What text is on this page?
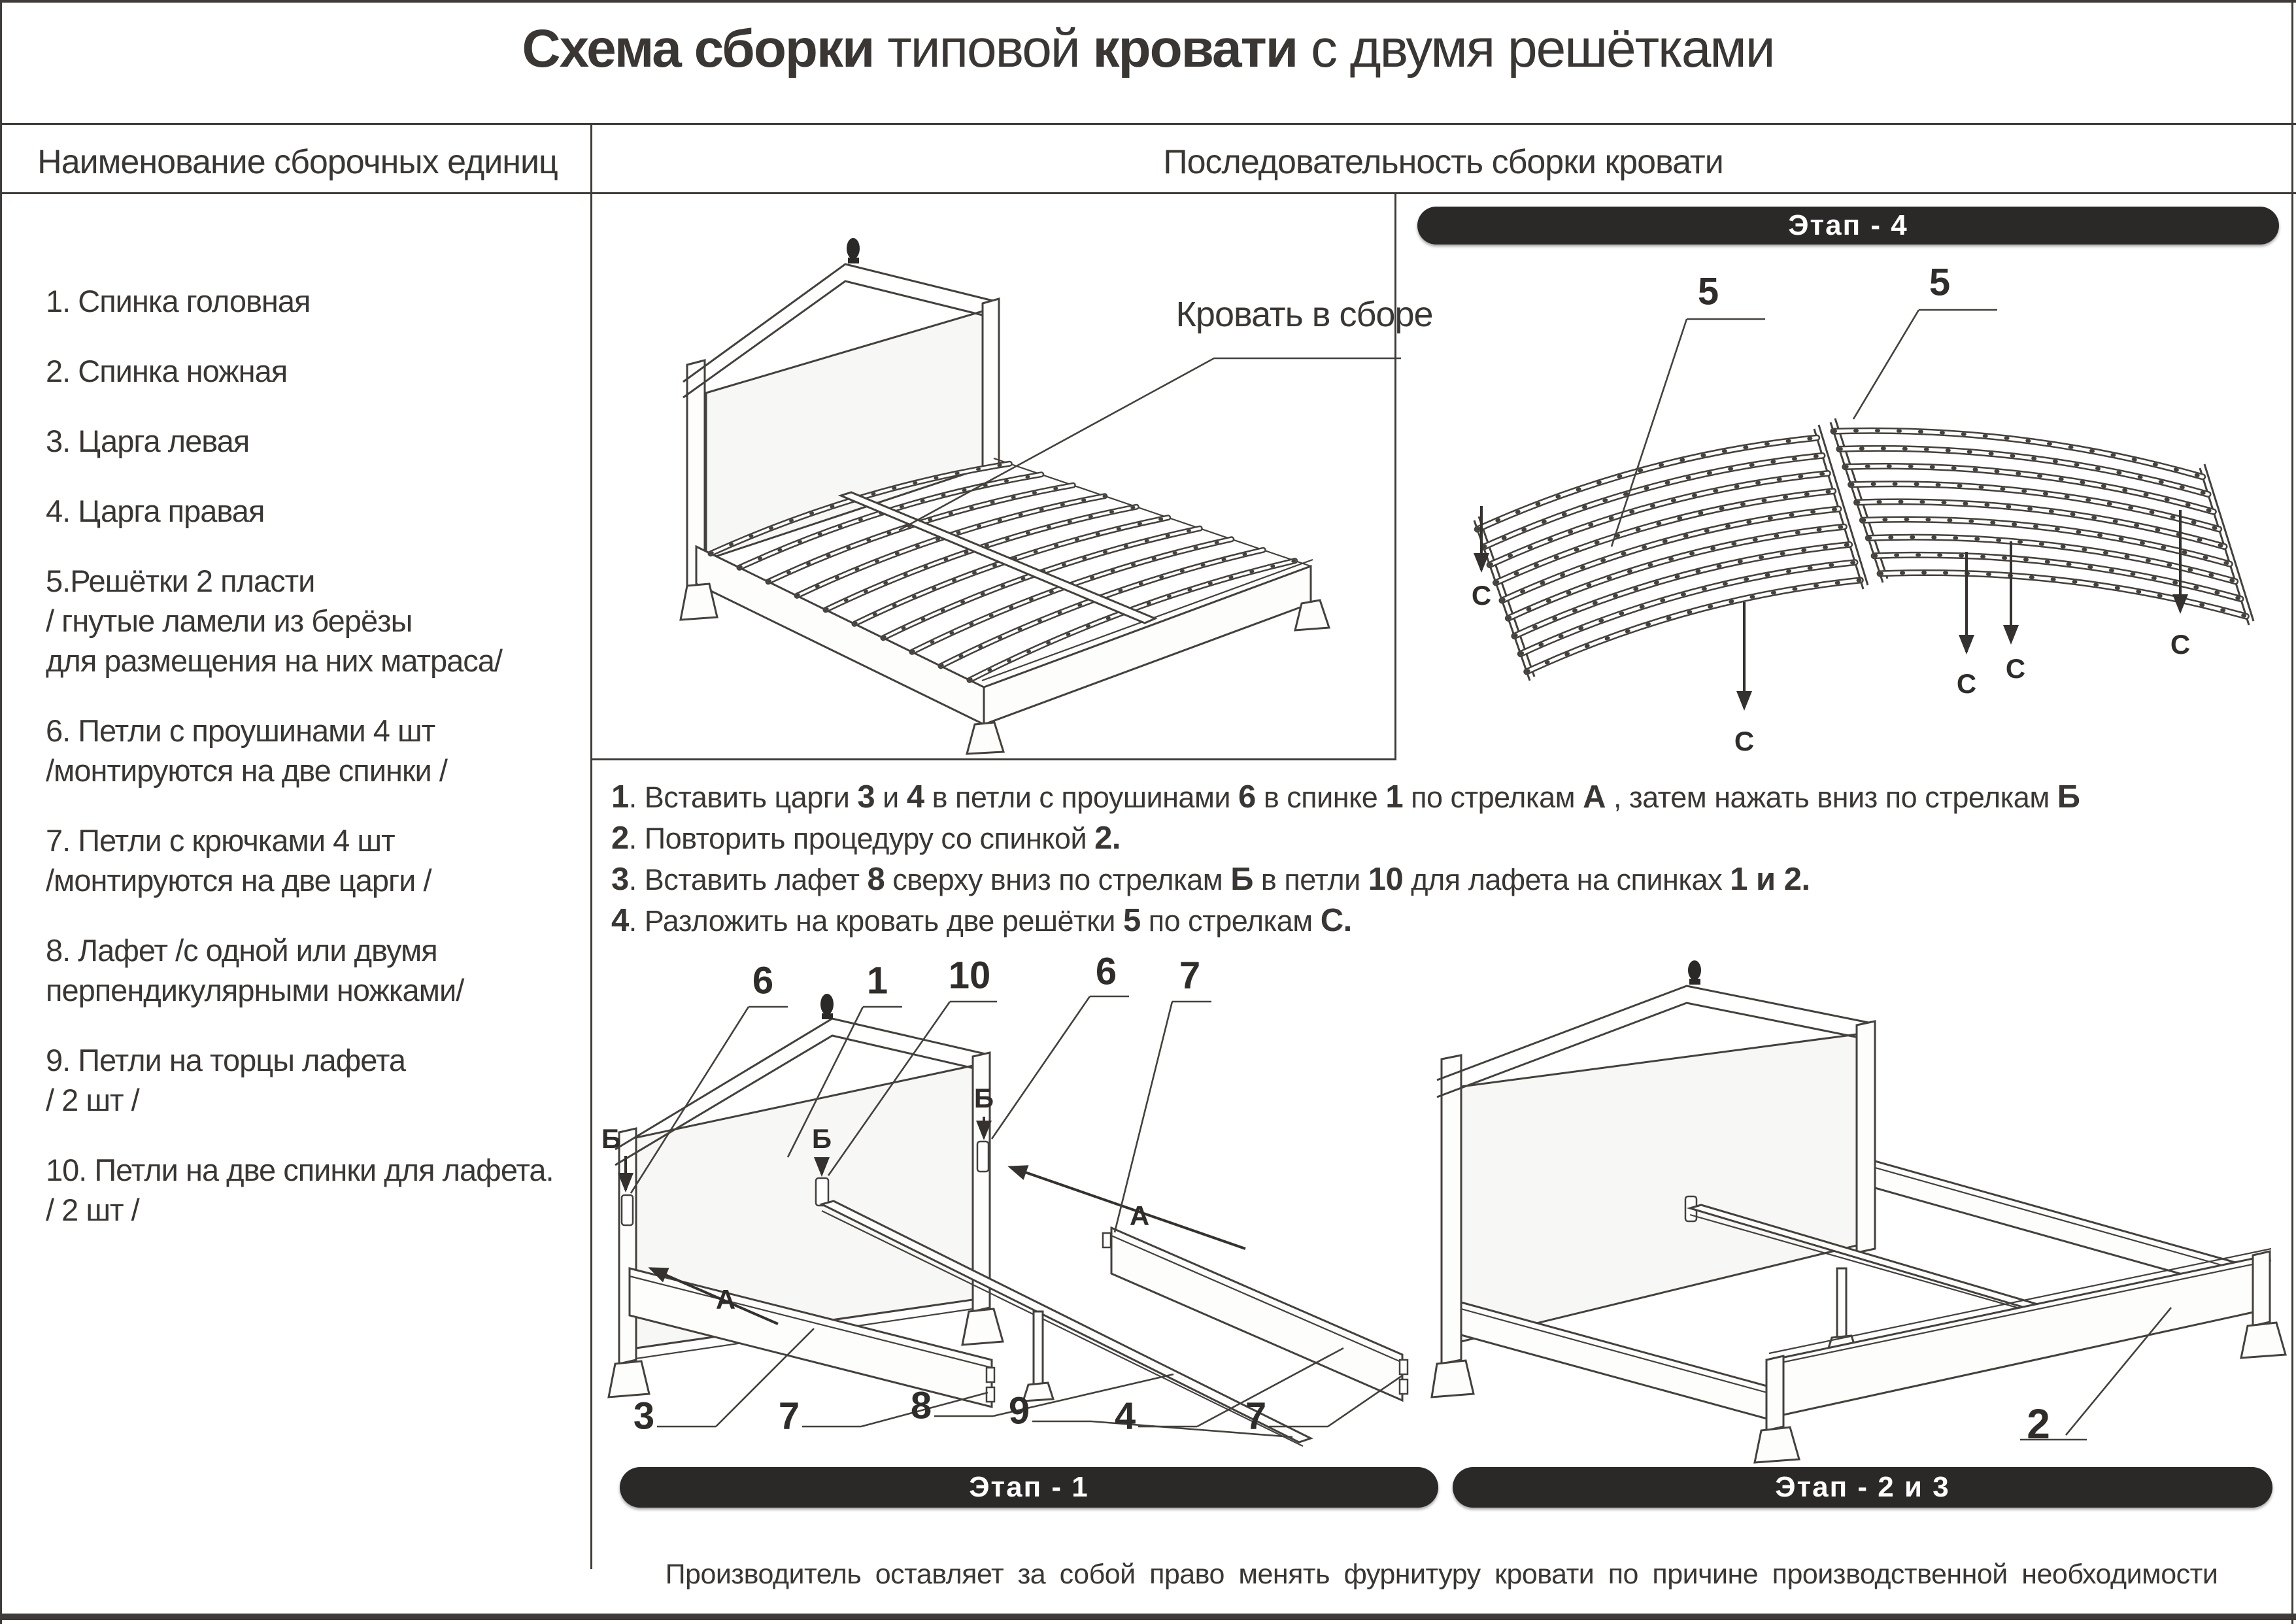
Схема сборки типовой кровати с двумя решётками
Наименование сборочных единиц	Последовательность сборки кровати
1. Спинка головная
2. Спинка ножная
3. Царга левая
4. Царга правая
5.Решётки 2 пласти
/ гнутые ламели из берёзы
для размещения на них матраса/
6. Петли с проушинами 4 шт
/монтируются на две спинки /
7. Петли с крючками 4 шт
/монтируются на две царги /
8. Лафет /с одной или двумя
перпендикулярными ножками/
9. Петли на торцы лафета
/ 2 шт /
10. Петли на две спинки для лафета.
/ 2 шт /
Кровать в сборе
5	5
С
С
С С
С
Этап - 4
1. Вставить царги 3 и 4 в петли с проушинами 6 в спинке 1 по стрелкам А , затем нажать вниз по стрелкам Б
2. Повторить процедуру со спинкой 2.
3. Вставить лафет 8 сверху вниз по стрелкам Б в петли 10 для лафета на спинках 1 и 2.
4. Разложить на кровать две решётки 5 по стрелкам С.
6 1 10	6 7
Б	Б
Б
А
А
3	7	8 9 4	7
Этап - 1
2
Этап - 2 и 3
Производитель оставляет за собой право менять фурнитуру кровати по причине производственной необходимости
